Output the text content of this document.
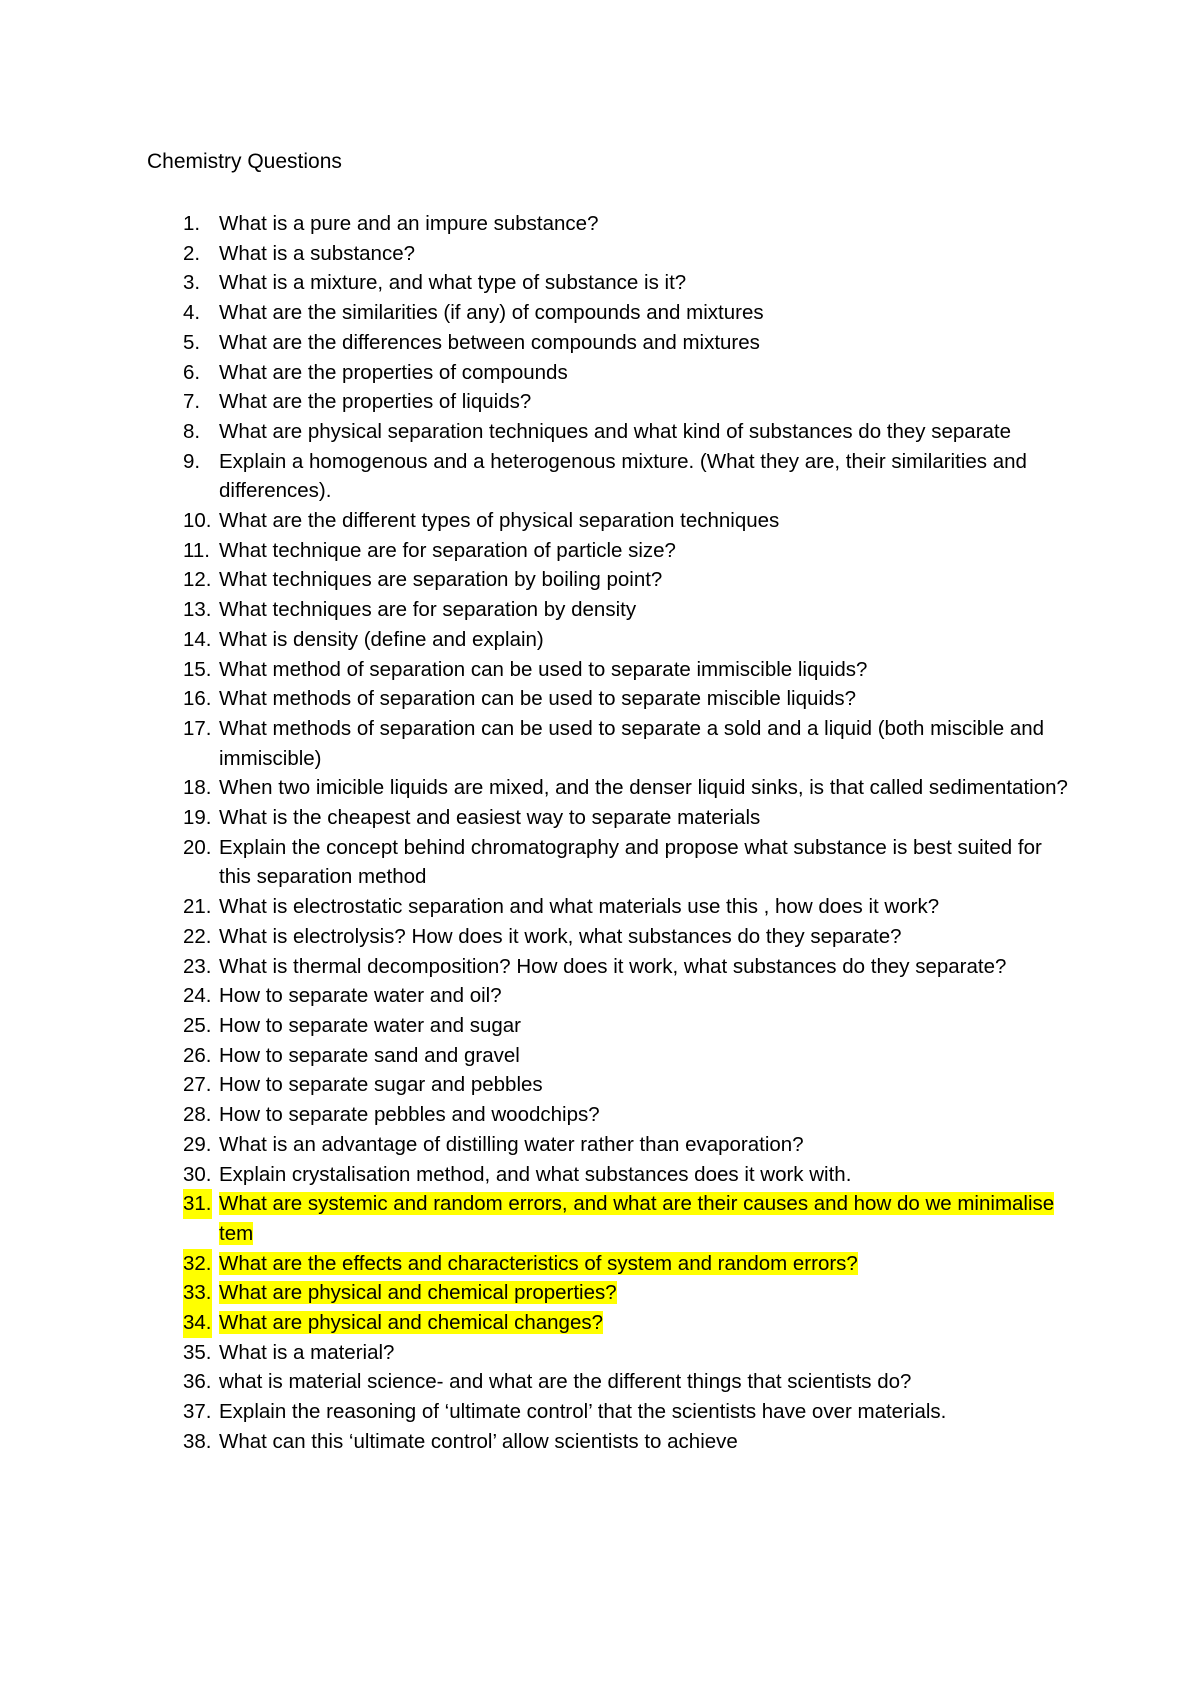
Chemistry Questions
1. What is a pure and an impure substance?
2. What is a substance?
3. What is a mixture, and what type of substance is it?
4. What are the similarities (if any) of compounds and mixtures
5. What are the differences between compounds and mixtures
6. What are the properties of compounds
7. What are the properties of liquids?
8. What are physical separation techniques and what kind of substances do they separate
9. Explain a homogenous and a heterogenous mixture. (What they are, their similarities and differences).
10. What are the different types of physical separation techniques
11. What technique are for separation of particle size?
12. What techniques are separation by boiling point?
13. What techniques are for separation by density
14. What is density (define and explain)
15. What method of separation can be used to separate immiscible liquids?
16. What methods of separation can be used to separate miscible liquids?
17. What methods of separation can be used to separate a sold and a liquid (both miscible and immiscible)
18. When two imicible liquids are mixed, and the denser liquid sinks, is that called sedimentation?
19. What is the cheapest and easiest way to separate materials
20. Explain the concept behind chromatography and propose what substance is best suited for this separation method
21. What is electrostatic separation and what materials use this , how does it work?
22. What is electrolysis? How does it work, what substances do they separate?
23. What is thermal decomposition? How does it work, what substances do they separate?
24. How to separate water and oil?
25. How to separate water and sugar
26. How to separate sand and gravel
27. How to separate sugar and pebbles
28. How to separate pebbles and woodchips?
29. What is an advantage of distilling water rather than evaporation?
30. Explain crystalisation method, and what substances does it work with.
31. What are systemic and random errors, and what are their causes and how do we minimalise tem
32. What are the effects and characteristics of system and random errors?
33. What are physical and chemical properties?
34. What are physical and chemical changes?
35. What is a material?
36. what is material science- and what are the different things that scientists do?
37. Explain the reasoning of ‘ultimate control’ that the scientists have over materials.
38. What can this ‘ultimate control’ allow scientists to achieve
